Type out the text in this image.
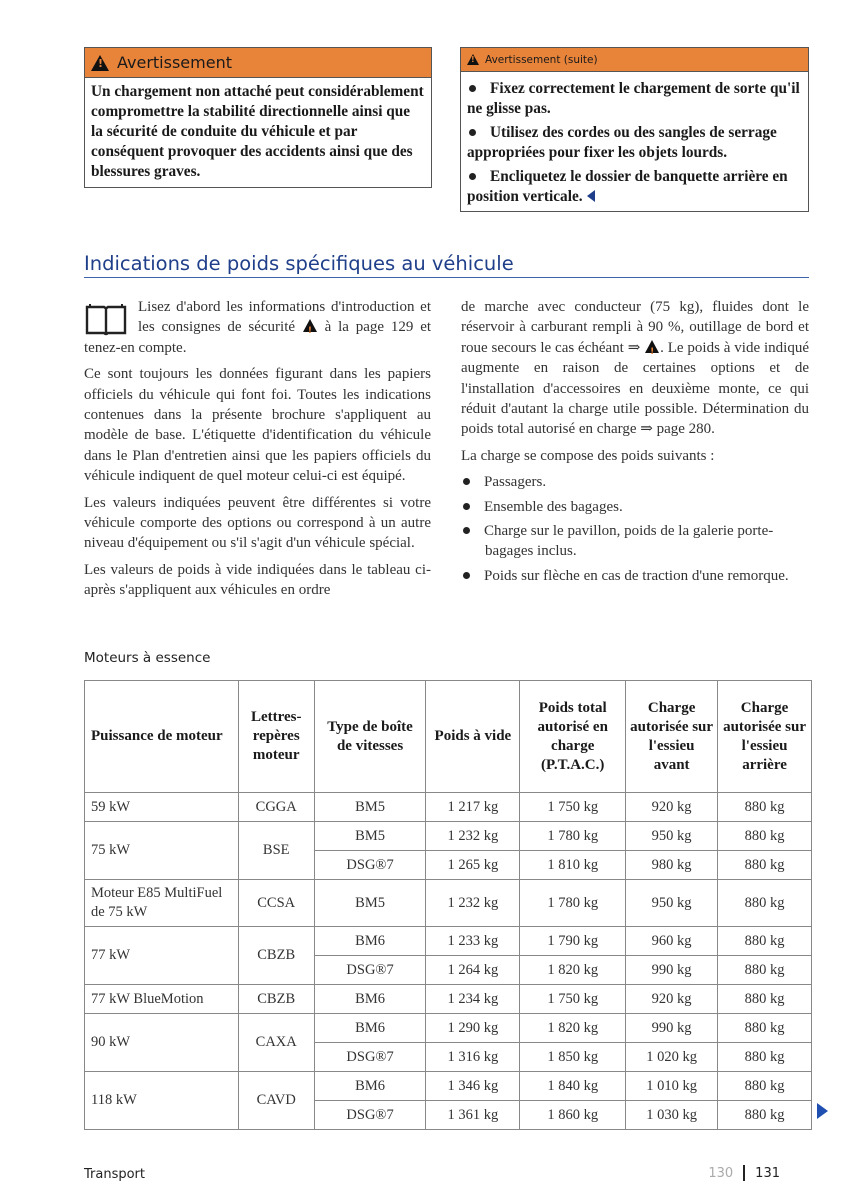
!
Avertissement

Un chargement non attaché peut considérablement compromettre la stabilité directionnelle ainsi que la sécurité de conduite du véhicule et par conséquent provoquer des accidents ainsi que des blessures graves.

!
Avertissement (suite)

Fixez correctement le chargement de sorte qu'il ne glisse pas.

Utilisez des cordes ou des sangles de serrage appropriées pour fixer les objets lourds.

Encliquetez le dossier de banquette arrière en position verticale.

Indications de poids spécifiques au véhicule

Lisez d'abord les informations d'introduction et les consignes de sécurité ! à la page 129 et tenez-en compte.

Ce sont toujours les données figurant dans les papiers officiels du véhicule qui font foi. Toutes les indications contenues dans la présente brochure s'appliquent au modèle de base. L'étiquette d'identification du véhicule dans le Plan d'entretien ainsi que les papiers officiels du véhicule indiquent de quel moteur celui-ci est équipé.

Les valeurs indiquées peuvent être différentes si votre véhicule comporte des options ou correspond à un autre niveau d'équipement ou s'il s'agit d'un véhicule spécial.

Les valeurs de poids à vide indiquées dans le tableau ci-après s'appliquent aux véhicules en ordre

de marche avec conducteur (75 kg), fluides dont le réservoir à carburant rempli à 90 %, outillage de bord et roue secours le cas échéant ⇒ ! . Le poids à vide indiqué augmente en raison de certaines options et de l'installation d'accessoires en deuxième monte, ce qui réduit d'autant la charge utile possible. Détermination du poids total autorisé en charge ⇒ page 280.

La charge se compose des poids suivants :

Passagers.

Ensemble des bagages.

Charge sur le pavillon, poids de la galerie porte-bagages inclus.

Poids sur flèche en cas de traction d'une remorque.

Moteurs à essence
Puissance de moteur	Lettres-repères moteur	Type de boîte de vitesses	Poids à vide	Poids total autorisé en charge (P.T.A.C.)	Charge autorisée sur l'essieu avant	Charge autorisée sur l'essieu arrière
59 kW	CGGA	BM5	1 217 kg	1 750 kg	920 kg	880 kg
75 kW	BSE	BM5	1 232 kg	1 780 kg	950 kg	880 kg
		DSG®7	1 265 kg	1 810 kg	980 kg	880 kg
Moteur E85 MultiFuel de 75 kW	CCSA	BM5	1 232 kg	1 780 kg	950 kg	880 kg
77 kW	CBZB	BM6	1 233 kg	1 790 kg	960 kg	880 kg
		DSG®7	1 264 kg	1 820 kg	990 kg	880 kg
77 kW BlueMotion	CBZB	BM6	1 234 kg	1 750 kg	920 kg	880 kg
90 kW	CAXA	BM6	1 290 kg	1 820 kg	990 kg	880 kg
		DSG®7	1 316 kg	1 850 kg	1 020 kg	880 kg
118 kW	CAVD	BM6	1 346 kg	1 840 kg	1 010 kg	880 kg
		DSG®7	1 361 kg	1 860 kg	1 030 kg	880 kg
Transport	130 131
